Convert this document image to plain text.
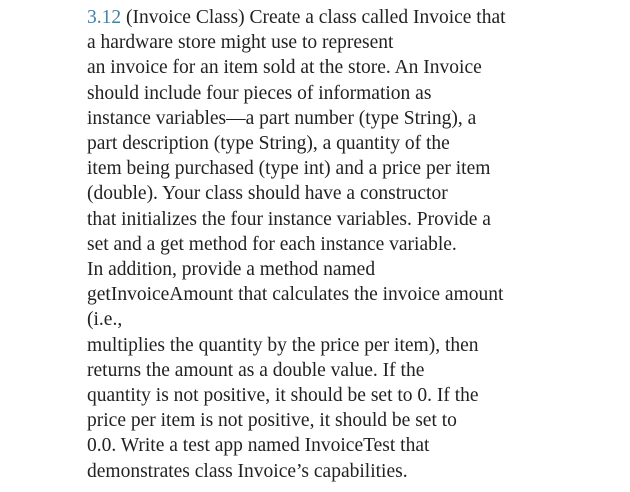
3.12 (Invoice Class) Create a class called Invoice that
a hardware store might use to represent
an invoice for an item sold at the store. An Invoice
should include four pieces of information as
instance variables—a part number (type String), a
part description (type String), a quantity of the
item being purchased (type int) and a price per item
(double). Your class should have a constructor
that initializes the four instance variables. Provide a
set and a get method for each instance variable.
In addition, provide a method named
getInvoiceAmount that calculates the invoice amount
(i.e.,
multiplies the quantity by the price per item), then
returns the amount as a double value. If the
quantity is not positive, it should be set to 0. If the
price per item is not positive, it should be set to
0.0. Write a test app named InvoiceTest that
demonstrates class Invoice’s capabilities.
